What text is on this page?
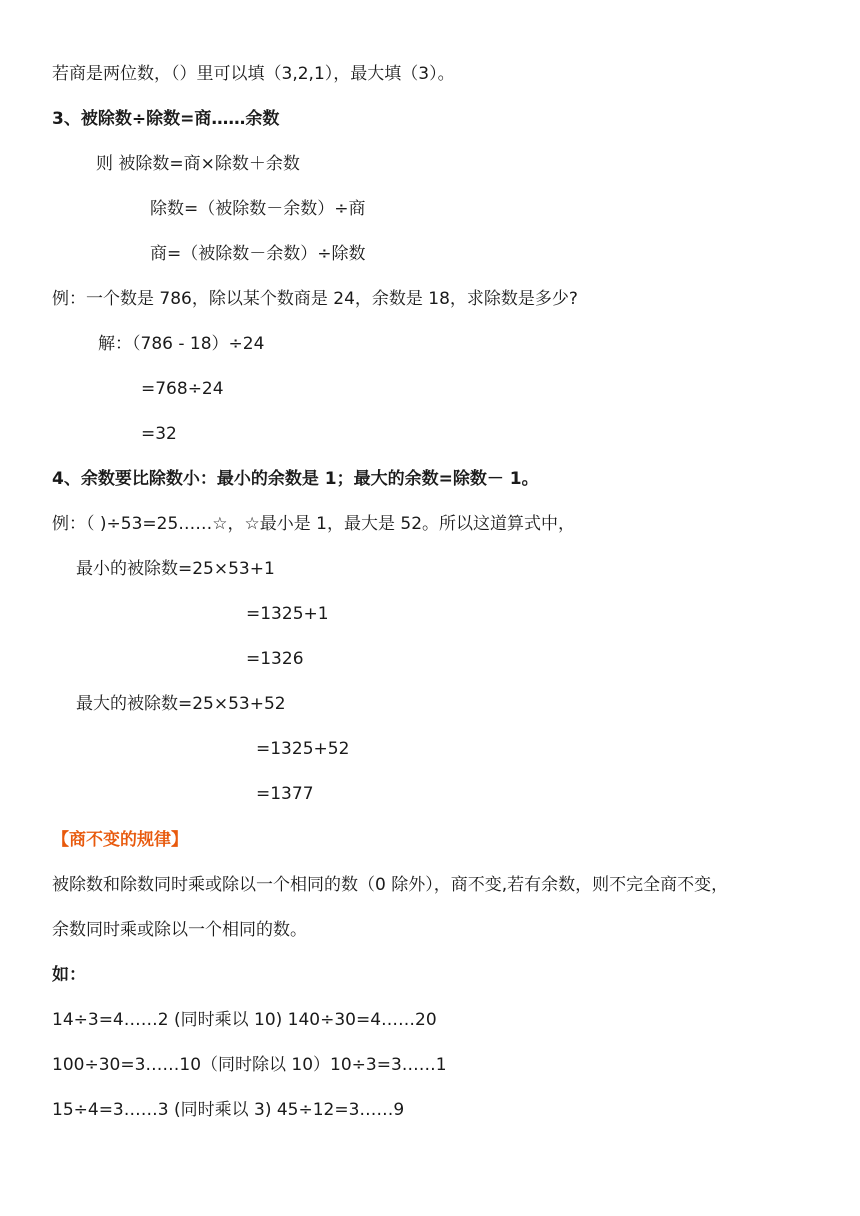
若商是两位数，（）里可以填（3,2,1），最大填（3）。
3、被除数÷除数=商……余数
则 被除数=商×除数＋余数
除数=（被除数－余数）÷商
商=（被除数－余数）÷除数
例：一个数是 786，除以某个数商是 24，余数是 18，求除数是多少?
解：（786 - 18）÷24
=768÷24
=32
4、余数要比除数小：最小的余数是 1；最大的余数=除数－ 1。
例：（ )÷53=25……☆，☆最小是 1，最大是 52。所以这道算式中，
最小的被除数=25×53+1
=1325+1
=1326
最大的被除数=25×53+52
=1325+52
=1377
【商不变的规律】
被除数和除数同时乘或除以一个相同的数（0 除外），商不变,若有余数，则不完全商不变，
余数同时乘或除以一个相同的数。
如：
14÷3=4……2 (同时乘以 10) 140÷30=4……20
100÷30=3……10（同时除以 10）10÷3=3……1
15÷4=3……3 (同时乘以 3) 45÷12=3……9
